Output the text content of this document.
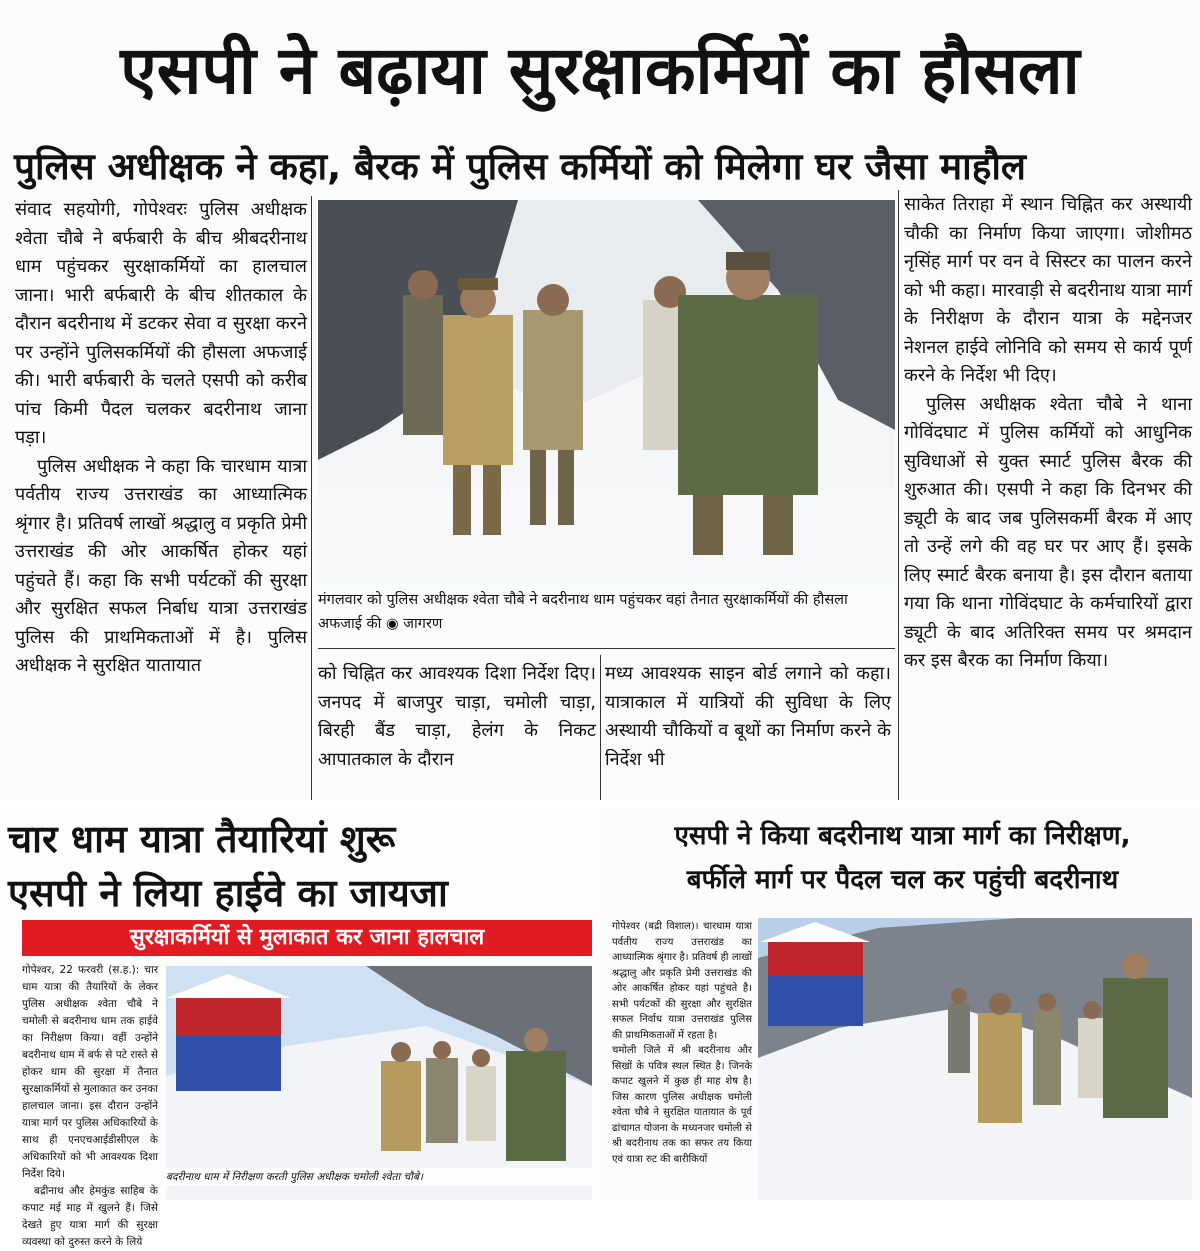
एसपी ने बढ़ाया सुरक्षाकर्मियों का हौसला
पुलिस अधीक्षक ने कहा, बैरक में पुलिस कर्मियों को मिलेगा घर जैसा माहौल

संवाद सहयोगी, गोपेश्वरः पुलिस अधीक्षक श्वेता चौबे ने बर्फबारी के बीच श्रीबदरीनाथ धाम पहुंचकर सुरक्षाकर्मियों का हालचाल जाना। भारी बर्फबारी के बीच शीतकाल के दौरान बदरीनाथ में डटकर सेवा व सुरक्षा करने पर उन्होंने पुलिसकर्मियों की हौसला अफजाई की। भारी बर्फबारी के चलते एसपी को करीब पांच किमी पैदल चलकर बदरीनाथ जाना पड़ा।

पुलिस अधीक्षक ने कहा कि चारधाम यात्रा पर्वतीय राज्य उत्तराखंड का आध्यात्मिक श्रृंगार है। प्रतिवर्ष लाखों श्रद्धालु व प्रकृति प्रेमी उत्तराखंड की ओर आकर्षित होकर यहां पहुंचते हैं। कहा कि सभी पर्यटकों की सुरक्षा और सुरक्षित सफल निर्बाध यात्रा उत्तराखंड पुलिस की प्राथमिकताओं में है। पुलिस अधीक्षक ने सुरक्षित यातायात

मंगलवार को पुलिस अधीक्षक श्वेता चौबे ने बदरीनाथ धाम पहुंचकर वहां तैनात सुरक्षाकर्मियों की हौसला अफजाई की ◉ जागरण

को चिह्नित कर आवश्यक दिशा निर्देश दिए। जनपद में बाजपुर चाड़ा, चमोली चाड़ा, बिरही बैंड चाड़ा, हेलंग के निकट आपातकाल के दौरान

मध्य आवश्यक साइन बोर्ड लगाने को कहा। यात्राकाल में यात्रियों की सुविधा के लिए अस्थायी चौकियों व बूथों का निर्माण करने के निर्देश भी

साकेत तिराहा में स्थान चिह्नित कर अस्थायी चौकी का निर्माण किया जाएगा। जोशीमठ नृसिंह मार्ग पर वन वे सिस्टर का पालन करने को भी कहा। मारवाड़ी से बदरीनाथ यात्रा मार्ग के निरीक्षण के दौरान यात्रा के मद्देनजर नेशनल हाईवे लोनिवि को समय से कार्य पूर्ण करने के निर्देश भी दिए।

पुलिस अधीक्षक श्वेता चौबे ने थाना गोविंदघाट में पुलिस कर्मियों को आधुनिक सुविधाओं से युक्त स्मार्ट पुलिस बैरक की शुरुआत की। एसपी ने कहा कि दिनभर की ड्यूटी के बाद जब पुलिसकर्मी बैरक में आए तो उन्हें लगे की वह घर पर आए हैं। इसके लिए स्मार्ट बैरक बनाया है। इस दौरान बताया गया कि थाना गोविंदघाट के कर्मचारियों द्वारा ड्यूटी के बाद अतिरिक्त समय पर श्रमदान कर इस बैरक का निर्माण किया।

चार धाम यात्रा तैयारियां शुरू
एसपी ने लिया हाईवे का जायजा
सुरक्षाकर्मियों से मुलाकात कर जाना हालचाल
गोपेश्वर, 22 फरवरी (स.ह.): चार धाम यात्रा की तैयारियों के लेकर पुलिस अधीक्षक श्वेता चौबे ने चमोली से बदरीनाथ धाम तक हाईवे का निरीक्षण किया। वहीं उन्होंने बदरीनाथ धाम में बर्फ से पटे रास्ते से होकर धाम की सुरक्षा में तैनात सुरक्षाकर्मियों से मुलाकात कर उनका हालचाल जाना। इस दौरान उन्होंने यात्रा मार्ग पर पुलिस अधिकारियों के साथ ही एनएचआईडीसीएल के अधिकारियों को भी आवश्यक दिशा निर्देश दिये।
बद्रीनाथ और हेमकुंड साहिब के कपाट मई माह में खुलने हैं। जिसे देखते हुए यात्रा मार्ग की सुरक्षा व्यवस्था को दुरुस्त करने के लिये
बदरीनाथ धाम में निरीक्षण करती पुलिस अधीक्षक चमोली श्वेता चौबे।
एसपी ने किया बदरीनाथ यात्रा मार्ग का निरीक्षण,
बर्फीले मार्ग पर पैदल चल कर पहुंची बदरीनाथ
गोपेश्वर (बद्री विशाल)। चारधाम यात्रा पर्वतीय राज्य उत्तराखंड का आध्यात्मिक श्रृंगार है। प्रतिवर्ष ही लाखों श्रद्धालु और प्रकृति प्रेमी उत्तराखंड की ओर आकर्षित होकर यहां पहुंचते है। सभी पर्यटकों की सुरक्षा और सुरक्षित सफल निर्वाध यात्रा उत्तराखंड पुलिस की प्राथमिकताओं में रहता है।
चमोली जिले में श्री बदरीनाथ और सिखों के पवित्र स्थल स्थित है। जिनके कपाट खुलने में कुछ ही माह शेष है। जिस कारण पुलिस अधीक्षक चमोली श्वेता चौबे ने सुरक्षित यातायात के पूर्व ढांचागत योजना के मध्यनजर चमोली से श्री बदरीनाथ तक का सफर तय किया एवं यात्रा रुट की बारीकियों
